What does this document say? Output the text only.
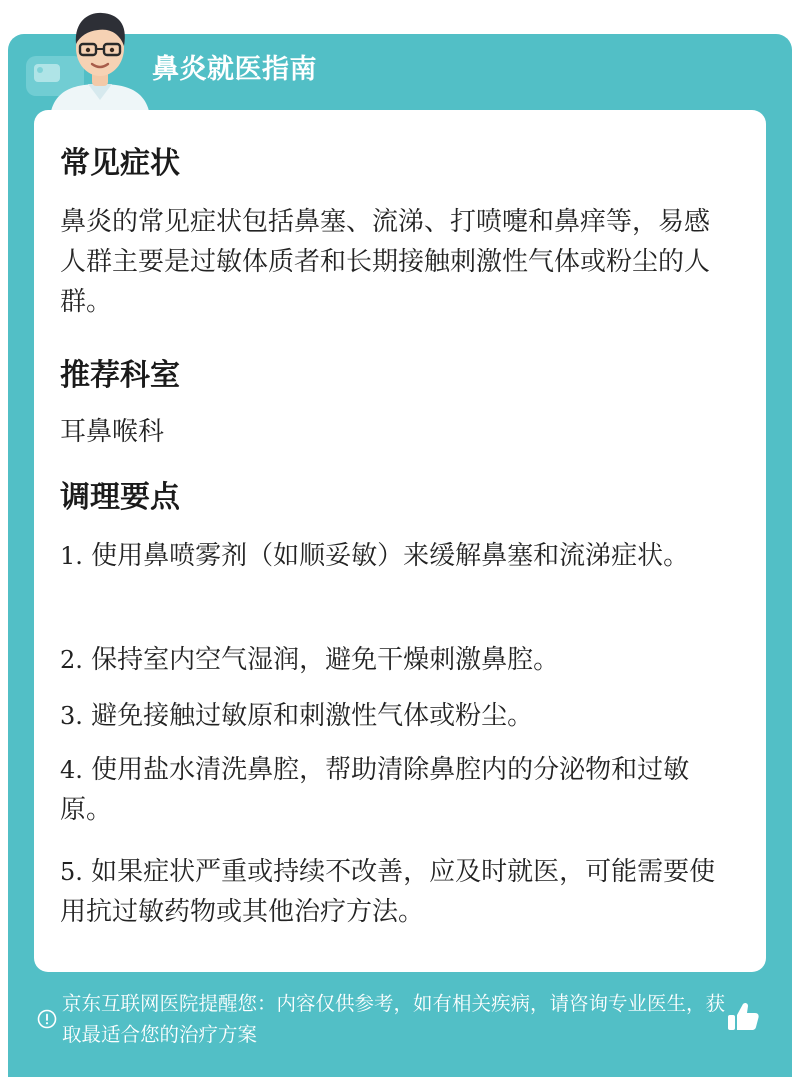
鼻炎就医指南
常见症状
鼻炎的常见症状包括鼻塞、流涕、打喷嚏和鼻痒等，易感人群主要是过敏体质者和长期接触刺激性气体或粉尘的人群。
推荐科室
耳鼻喉科
调理要点
1. 使用鼻喷雾剂（如顺妥敏）来缓解鼻塞和流涕症状。
2. 保持室内空气湿润，避免干燥刺激鼻腔。
3. 避免接触过敏原和刺激性气体或粉尘。
4. 使用盐水清洗鼻腔，帮助清除鼻腔内的分泌物和过敏原。
5. 如果症状严重或持续不改善，应及时就医，可能需要使用抗过敏药物或其他治疗方法。
京东互联网医院提醒您：内容仅供参考，如有相关疾病，请咨询专业医生，获取最适合您的治疗方案
